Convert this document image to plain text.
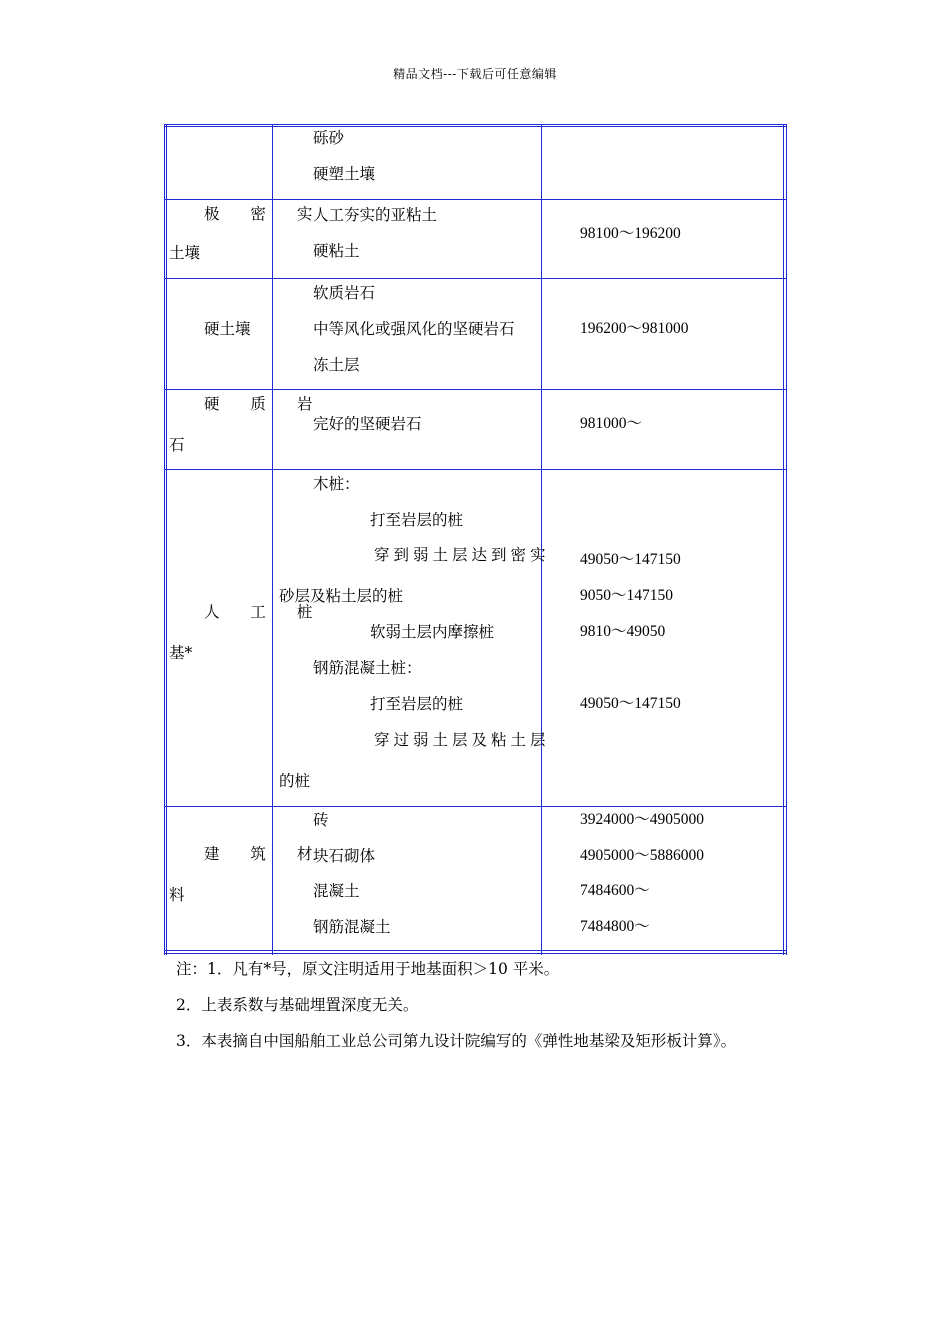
精品文档---下载后可任意编辑
砾砂
硬塑土壤
极 密 实
土壤
人工夯实的亚粘土
硬粘土
98100～196200
硬土壤
软质岩石
中等风化或强风化的坚硬岩石
冻土层
196200～981000
硬 质 岩
石
完好的坚硬岩石	981000～
人 工 桩
基*
木桩：
打至岩层的桩
穿到弱土层达到密实
砂层及粘土层的桩
软弱土层内摩擦桩
钢筋混凝土桩：
打至岩层的桩
穿过弱土层及粘土层
的桩
49050～147150
9050～147150
9810～49050
49050～147150
建 筑 材
料
砖
块石砌体
混凝土
钢筋混凝土
3924000～4905000
4905000～5886000
7484600～
7484800～
注：1．凡有*号，原文注明适用于地基面积＞10 平米。
2．上表系数与基础埋置深度无关。
3．本表摘自中国船舶工业总公司第九设计院编写的《弹性地基梁及矩形板计算》。
